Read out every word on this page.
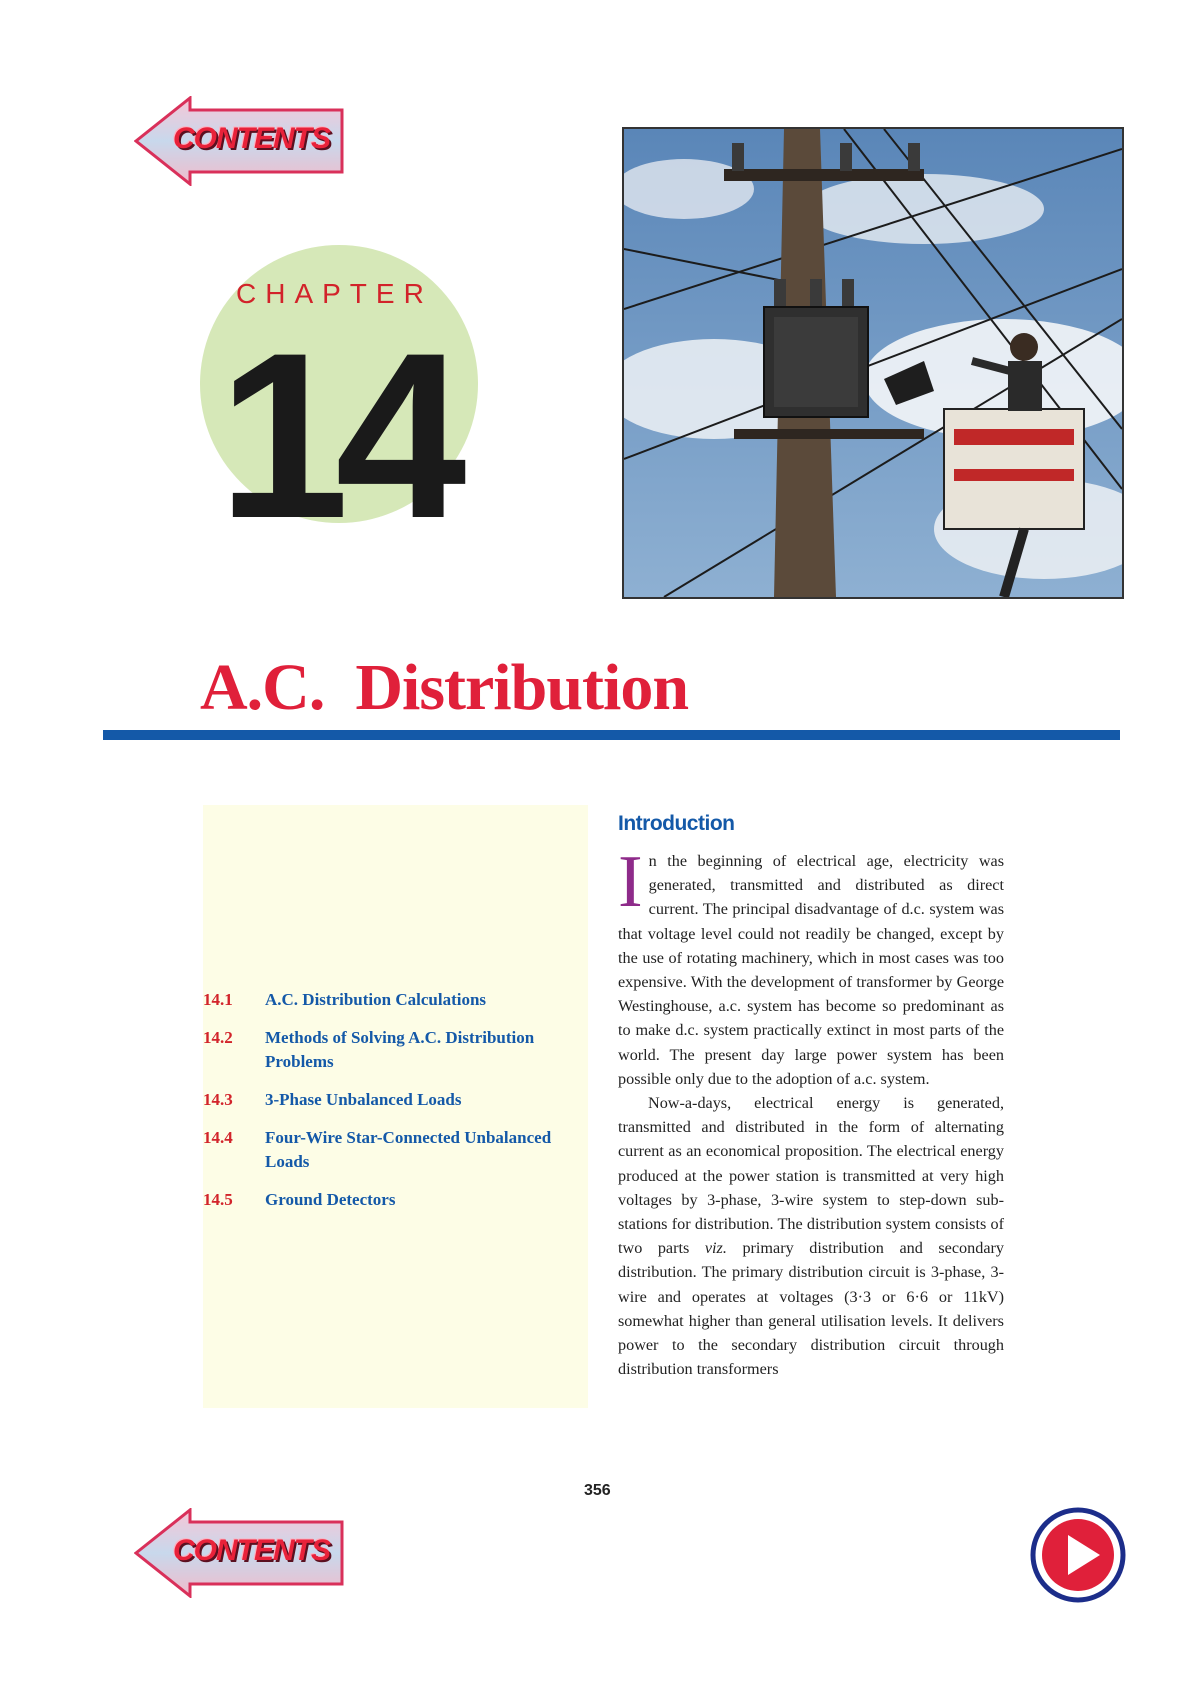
CONTENTS
CHAPTER
14
A.C.  Distribution
14.1	A.C. Distribution Calculations
14.2	Methods of Solving A.C. Distribution Problems
14.3	3-Phase Unbalanced Loads
14.4	Four-Wire Star-Connected Unbalanced Loads
14.5	Ground Detectors
Introduction

In the beginning of electrical age, electricity was generated, transmitted and distributed as direct current. The principal disadvantage of d.c. system was that voltage level could not readily be changed, except by the use of rotating machinery, which in most cases was too expensive. With the development of transformer by George Westinghouse, a.c. system has become so predominant as to make d.c. system practically extinct in most parts of the world. The present day large power system has been possible only due to the adoption of a.c. system.

Now-a-days, electrical energy is generated, transmitted and distributed in the form of alternating current as an economical proposition. The electrical energy produced at the power station is transmitted at very high voltages by 3-phase, 3-wire system to step-down sub-stations for distribution. The distribution system consists of two parts viz. primary distribution and secondary distribution. The primary distribution circuit is 3-phase, 3-wire and operates at voltages (3·3 or 6·6 or 11kV) somewhat higher than general utilisation levels. It delivers power to the secondary distribution circuit through distribution transformers

356
CONTENTS
